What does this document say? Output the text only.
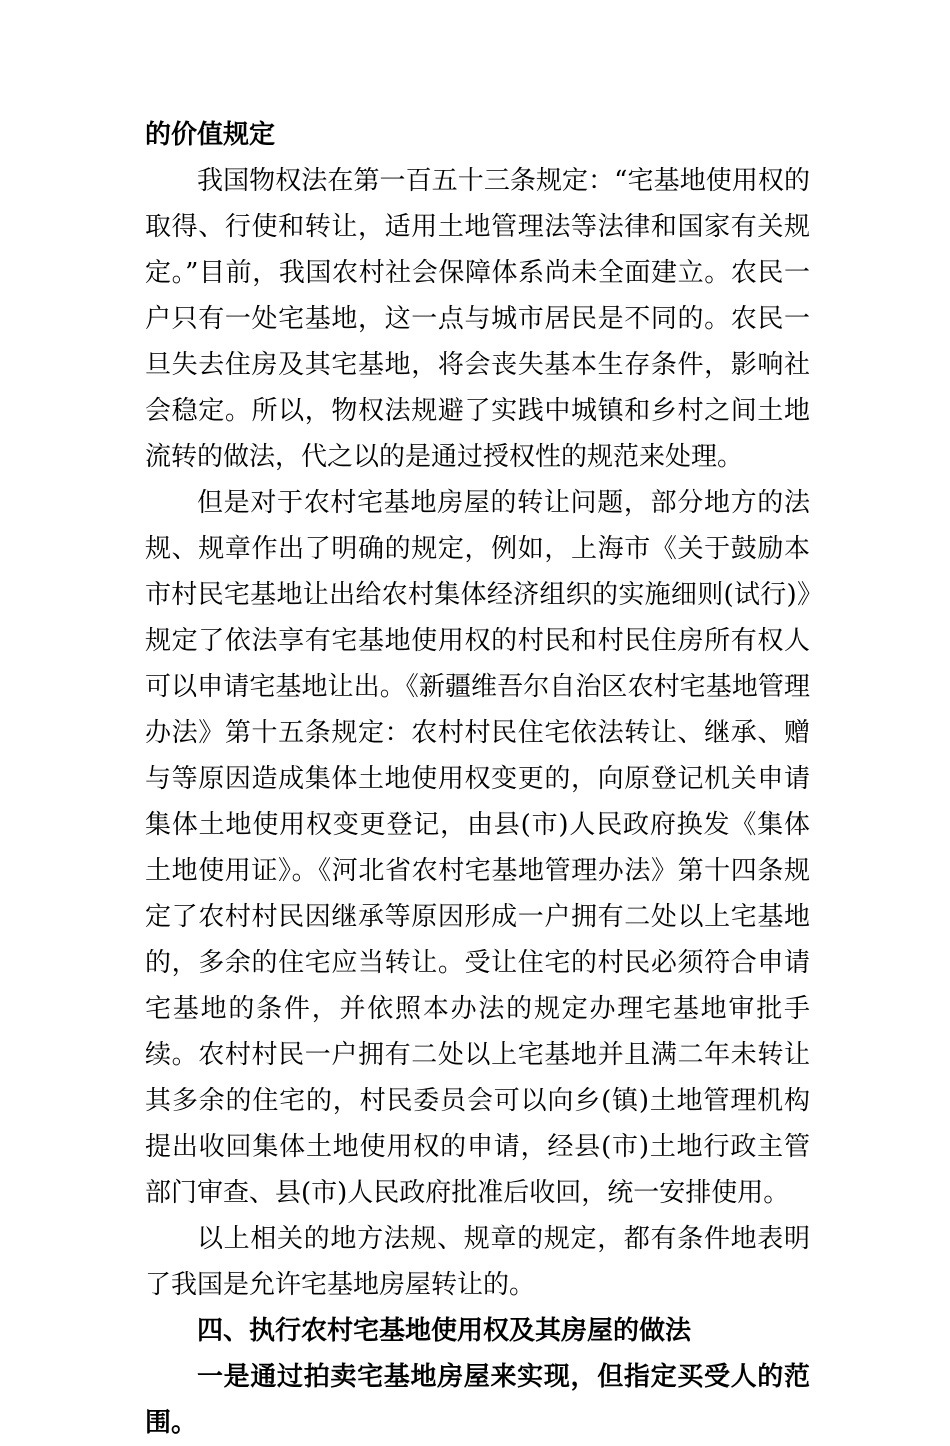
的价值规定

我国物权法在第一百五十三条规定：“宅基地使用权的取得、行使和转让，适用土地管理法等法律和国家有关规定。”目前，我国农村社会保障体系尚未全面建立。农民一户只有一处宅基地，这一点与城市居民是不同的。农民一旦失去住房及其宅基地，将会丧失基本生存条件，影响社会稳定。所以，物权法规避了实践中城镇和乡村之间土地流转的做法，代之以的是通过授权性的规范来处理。

但是对于农村宅基地房屋的转让问题，部分地方的法规、规章作出了明确的规定，例如，上海市《关于鼓励本市村民宅基地让出给农村集体经济组织的实施细则(试行)》规定了依法享有宅基地使用权的村民和村民住房所有权人可以申请宅基地让出。《新疆维吾尔自治区农村宅基地管理办法》第十五条规定：农村村民住宅依法转让、继承、赠与等原因造成集体土地使用权变更的，向原登记机关申请集体土地使用权变更登记，由县(市)人民政府换发《集体土地使用证》。《河北省农村宅基地管理办法》第十四条规定了农村村民因继承等原因形成一户拥有二处以上宅基地的，多余的住宅应当转让。受让住宅的村民必须符合申请宅基地的条件，并依照本办法的规定办理宅基地审批手续。农村村民一户拥有二处以上宅基地并且满二年未转让其多余的住宅的，村民委员会可以向乡(镇)土地管理机构提出收回集体土地使用权的申请，经县(市)土地行政主管部门审查、县(市)人民政府批准后收回，统一安排使用。

以上相关的地方法规、规章的规定，都有条件地表明了我国是允许宅基地房屋转让的。

四、执行农村宅基地使用权及其房屋的做法

一是通过拍卖宅基地房屋来实现，但指定买受人的范围。
